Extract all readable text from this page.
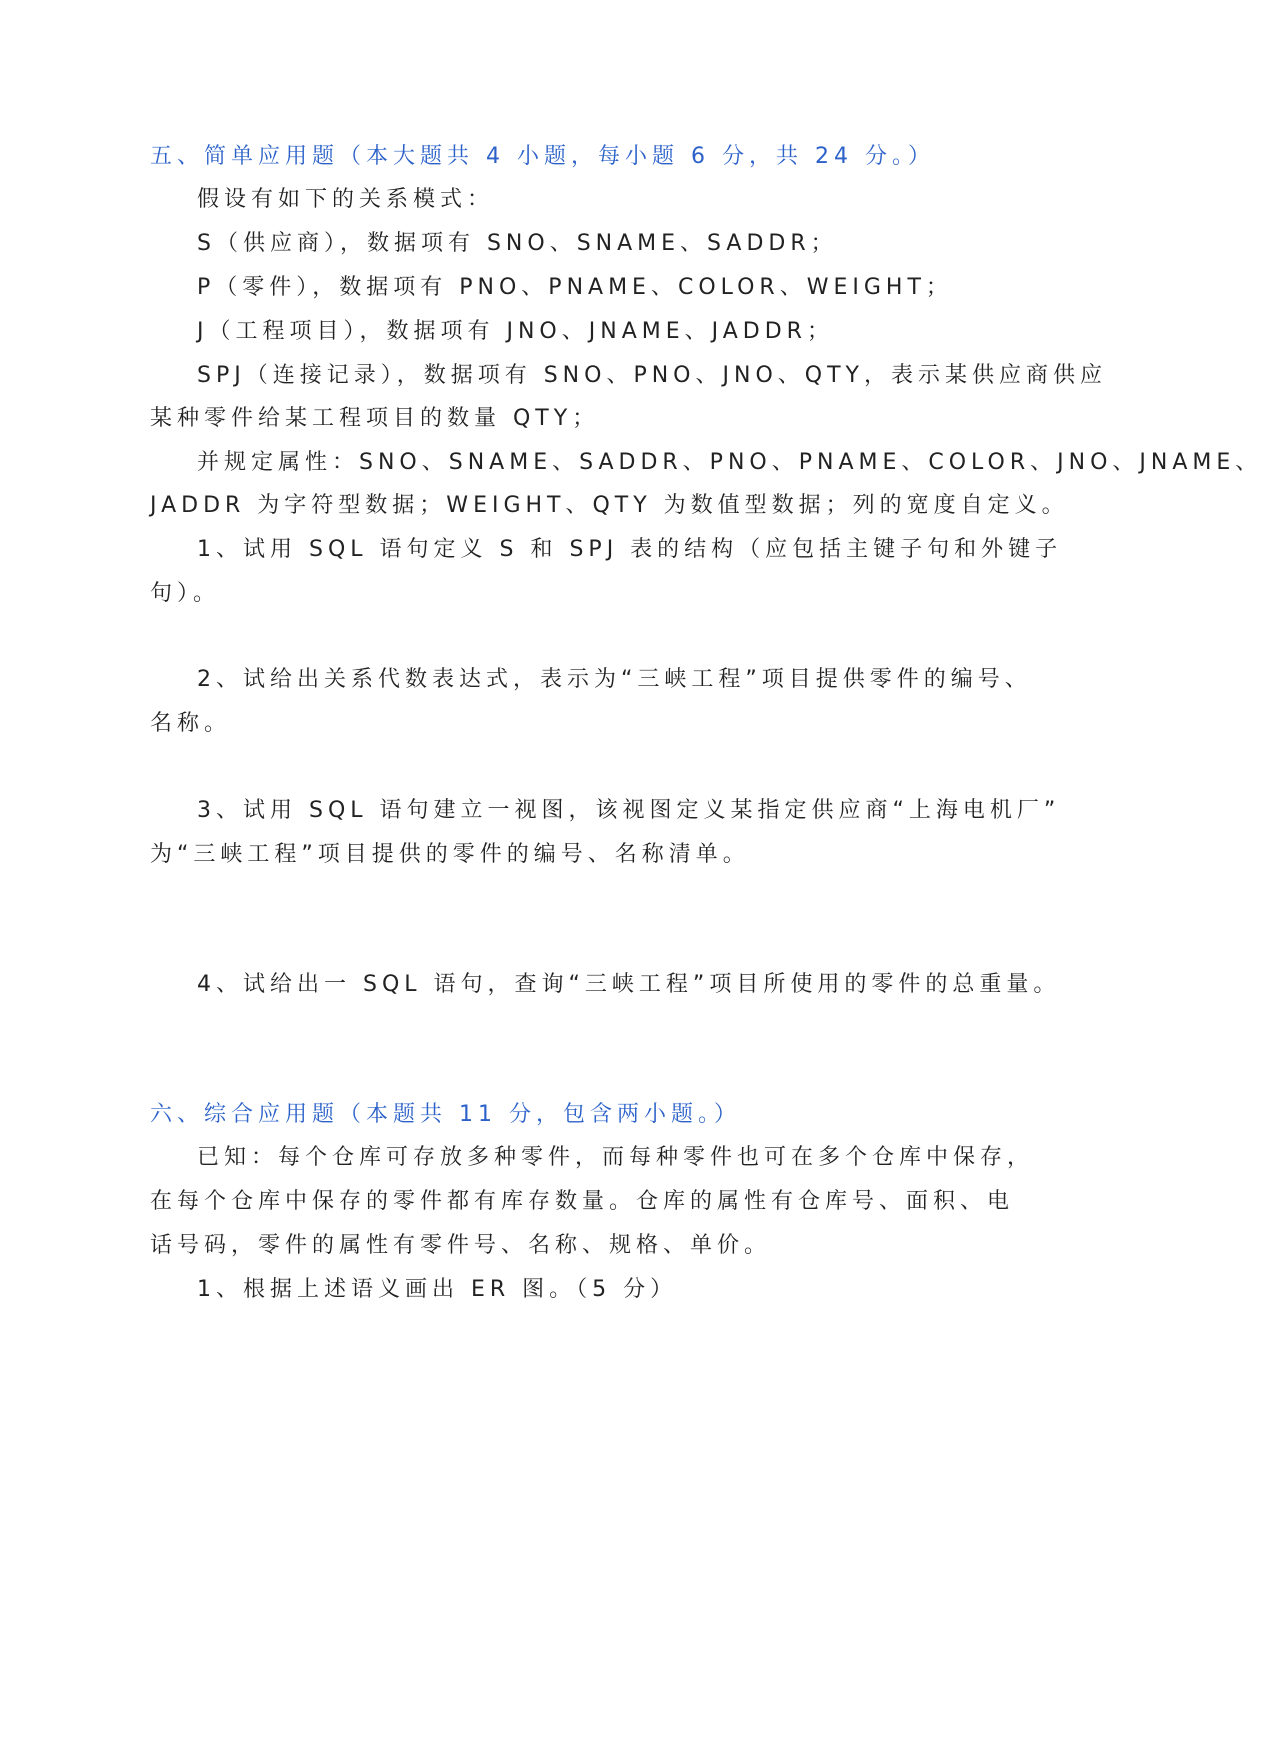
五、简单应用题（本大题共 4 小题，每小题 6 分，共 24 分。）
假设有如下的关系模式：
S（供应商），数据项有 SNO、SNAME、SADDR；
P（零件），数据项有 PNO、PNAME、COLOR、WEIGHT；
J（工程项目），数据项有 JNO、JNAME、JADDR；
SPJ（连接记录），数据项有 SNO、PNO、JNO、QTY，表示某供应商供应
某种零件给某工程项目的数量 QTY；
并规定属性：SNO、SNAME、SADDR、PNO、PNAME、COLOR、JNO、JNAME、
JADDR 为字符型数据；WEIGHT、QTY 为数值型数据；列的宽度自定义。
1、试用 SQL 语句定义 S 和 SPJ 表的结构（应包括主键子句和外键子
句）。
2、试给出关系代数表达式，表示为“三峡工程”项目提供零件的编号、
名称。
3、试用 SQL 语句建立一视图，该视图定义某指定供应商“上海电机厂”
为“三峡工程”项目提供的零件的编号、名称清单。
4、试给出一 SQL 语句，查询“三峡工程”项目所使用的零件的总重量。
六、综合应用题（本题共 11 分，包含两小题。）
已知：每个仓库可存放多种零件，而每种零件也可在多个仓库中保存，
在每个仓库中保存的零件都有库存数量。仓库的属性有仓库号、面积、电
话号码，零件的属性有零件号、名称、规格、单价。
1、根据上述语义画出 ER 图。（5 分）
